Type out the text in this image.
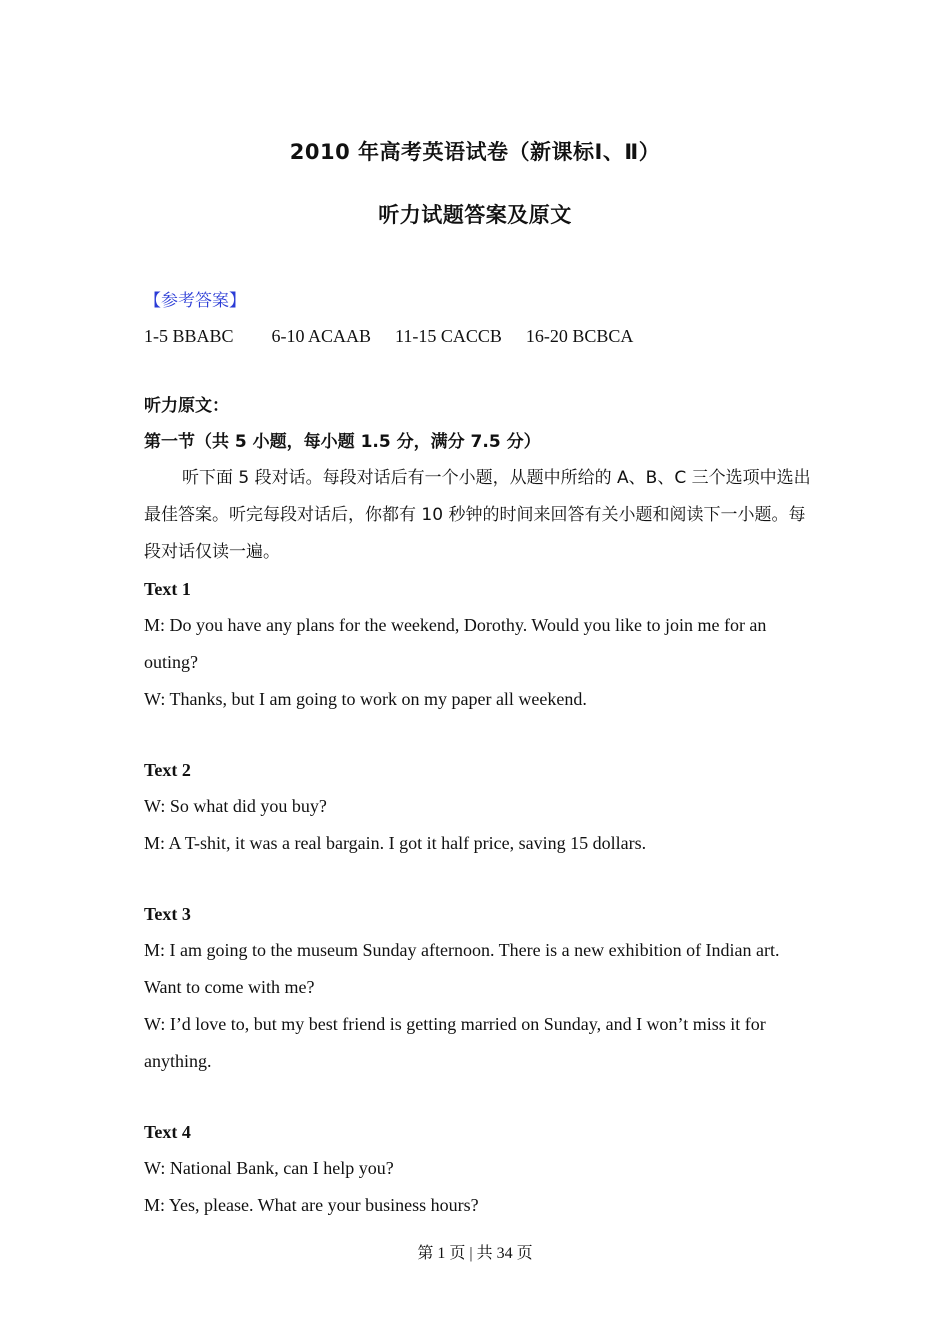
2010 年高考英语试卷（新课标Ⅰ、Ⅱ）
听力试题答案及原文
【参考答案】
1-5 BBABC 6-10 ACAAB 11-15 CACCB 16-20 BCBCA
听力原文：
第一节（共 5 小题，每小题 1.5 分，满分 7.5 分）

听下面 5 段对话。每段对话后有一个小题，从题中所给的 A、B、C 三个选项中选出最佳答案。听完每段对话后，你都有 10 秒钟的时间来回答有关小题和阅读下一小题。每段对话仅读一遍。

Text 1
M: Do you have any plans for the weekend, Dorothy. Would you like to join me for an outing?
W: Thanks, but I am going to work on my paper all weekend.
Text 2
W: So what did you buy?
M: A T-shit, it was a real bargain. I got it half price, saving 15 dollars.
Text 3
M: I am going to the museum Sunday afternoon. There is a new exhibition of Indian art. Want to come with me?
W: I’d love to, but my best friend is getting married on Sunday, and I won’t miss it for anything.
Text 4
W: National Bank, can I help you?
M: Yes, please. What are your business hours?
第 1 页 | 共 34 页
